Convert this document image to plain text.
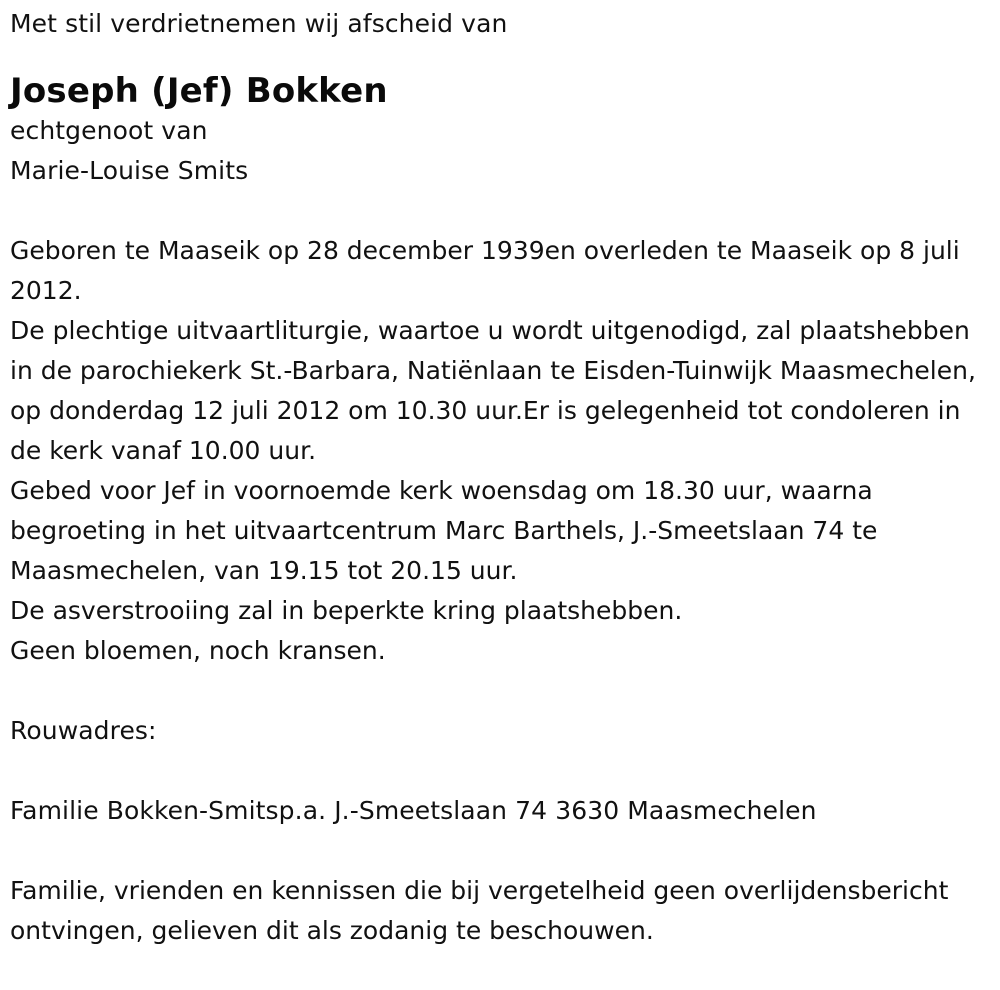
Met stil verdrietnemen wij afscheid van

Joseph (Jef) Bokken

echtgenoot van

Marie-Louise Smits

Geboren te Maaseik op 28 december 1939en overleden te Maaseik op 8 juli 2012.

De plechtige uitvaartliturgie, waartoe u wordt uitgenodigd, zal plaatshebben in de parochiekerk St.-Barbara, Natiënlaan te Eisden-Tuinwijk Maasmechelen, op donderdag 12 juli 2012 om 10.30 uur.Er is gelegenheid tot condoleren in de kerk vanaf 10.00 uur.

Gebed voor Jef in voornoemde kerk woensdag om 18.30 uur, waarna begroeting in het uitvaartcentrum Marc Barthels, J.-Smeetslaan 74 te Maasmechelen, van 19.15 tot 20.15 uur.

De asverstrooiing zal in beperkte kring plaatshebben.

Geen bloemen, noch kransen.

Rouwadres:

Familie Bokken-Smitsp.a. J.-Smeetslaan 74 3630 Maasmechelen

Familie, vrienden en kennissen die bij vergetelheid geen overlijdensbericht ontvingen, gelieven dit als zodanig te beschouwen.
